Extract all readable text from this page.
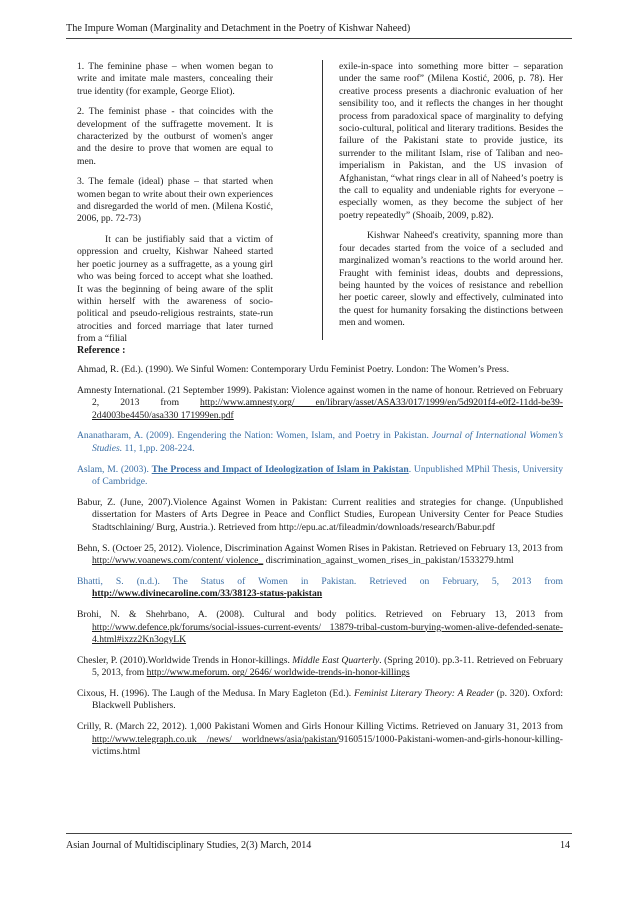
The Impure Woman (Marginality and Detachment in the Poetry of Kishwar Naheed)

1. The feminine phase – when women began to write and imitate male masters, concealing their true identity (for example, George Eliot).

2. The feminist phase - that coincides with the development of the suffragette movement. It is characterized by the outburst of women's anger and the desire to prove that women are equal to men.

3. The female (ideal) phase – that started when women began to write about their own experiences and disregarded the world of men. (Milena Kostić, 2006, pp. 72-73)

It can be justifiably said that a victim of oppression and cruelty, Kishwar Naheed started her poetic journey as a suffragette, as a young girl who was being forced to accept what she loathed. It was the beginning of being aware of the split within herself with the awareness of socio-political and pseudo-religious restraints, state-run atrocities and forced marriage that later turned from a “filial

exile-in-space into something more bitter – separation under the same roof” (Milena Kostić, 2006, p. 78). Her creative process presents a diachronic evaluation of her sensibility too, and it reflects the changes in her thought process from paradoxical space of marginality to defying socio-cultural, political and literary traditions. Besides the failure of the Pakistani state to provide justice, its surrender to the militant Islam, rise of Taliban and neo-imperialism in Pakistan, and the US invasion of Afghanistan, “what rings clear in all of Naheed’s poetry is the call to equality and undeniable rights for everyone – especially women, as they become the subject of her poetry repeatedly” (Shoaib, 2009, p.82).

Kishwar Naheed's creativity, spanning more than four decades started from the voice of a secluded and marginalized woman’s reactions to the world around her. Fraught with feminist ideas, doubts and depressions, being haunted by the voices of resistance and rebellion her poetic career, slowly and effectively, culminated into the quest for humanity forsaking the distinctions between men and women.

Reference :
Ahmad, R. (Ed.). (1990). We Sinful Women: Contemporary Urdu Feminist Poetry. London: The Women’s Press.
Amnesty International. (21 September 1999). Pakistan: Violence against women in the name of honour. Retrieved on February 2, 2013 from http://www.amnesty.org/ en/library/asset/ASA33/017/1999/en/5d9201f4-e0f2-11dd-be39-2d4003be4450/asa330 171999en.pdf
Ananatharam, A. (2009). Engendering the Nation: Women, Islam, and Poetry in Pakistan. Journal of International Women’s Studies. 11, 1,pp. 208-224.
Aslam, M. (2003). The Process and Impact of Ideologization of Islam in Pakistan. Unpublished MPhil Thesis, University of Cambridge.
Babur, Z. (June, 2007).Violence Against Women in Pakistan: Current realities and strategies for change. (Unpublished dissertation for Masters of Arts Degree in Peace and Conflict Studies, European University Center for Peace Studies Stadtschlaining/ Burg, Austria.). Retrieved from http://epu.ac.at/fileadmin/downloads/research/Babur.pdf
Behn, S. (Octoer 25, 2012). Violence, Discrimination Against Women Rises in Pakistan. Retrieved on February 13, 2013 from http://www.voanews.com/content/ violence_ discrimination_against_women_rises_in_pakistan/1533279.html
Bhatti, S. (n.d.). The Status of Women in Pakistan. Retrieved on February, 5, 2013 from http://www.divinecaroline.com/33/38123-status-pakistan
Brohi, N. & Shehrbano, A. (2008). Cultural and body politics. Retrieved on February 13, 2013 from http://www.defence.pk/forums/social-issues-current-events/ 13879-tribal-custom-burying-women-alive-defended-senate-4.html#ixzz2Kn3ogyLK
Chesler, P. (2010).Worldwide Trends in Honor-killings. Middle East Quarterly. (Spring 2010). pp.3-11. Retrieved on February 5, 2013, from http://www.meforum. org/ 2646/ worldwide-trends-in-honor-killings
Cixous, H. (1996). The Laugh of the Medusa. In Mary Eagleton (Ed.). Feminist Literary Theory: A Reader (p. 320). Oxford: Blackwell Publishers.
Crilly, R. (March 22, 2012). 1,000 Pakistani Women and Girls Honour Killing Victims. Retrieved on January 31, 2013 from http://www.telegraph.co.uk /news/ worldnews/asia/pakistan/9160515/1000-Pakistani-women-and-girls-honour-killing-victims.html
Asian Journal of Multidisciplinary Studies, 2(3) March, 2014	14
